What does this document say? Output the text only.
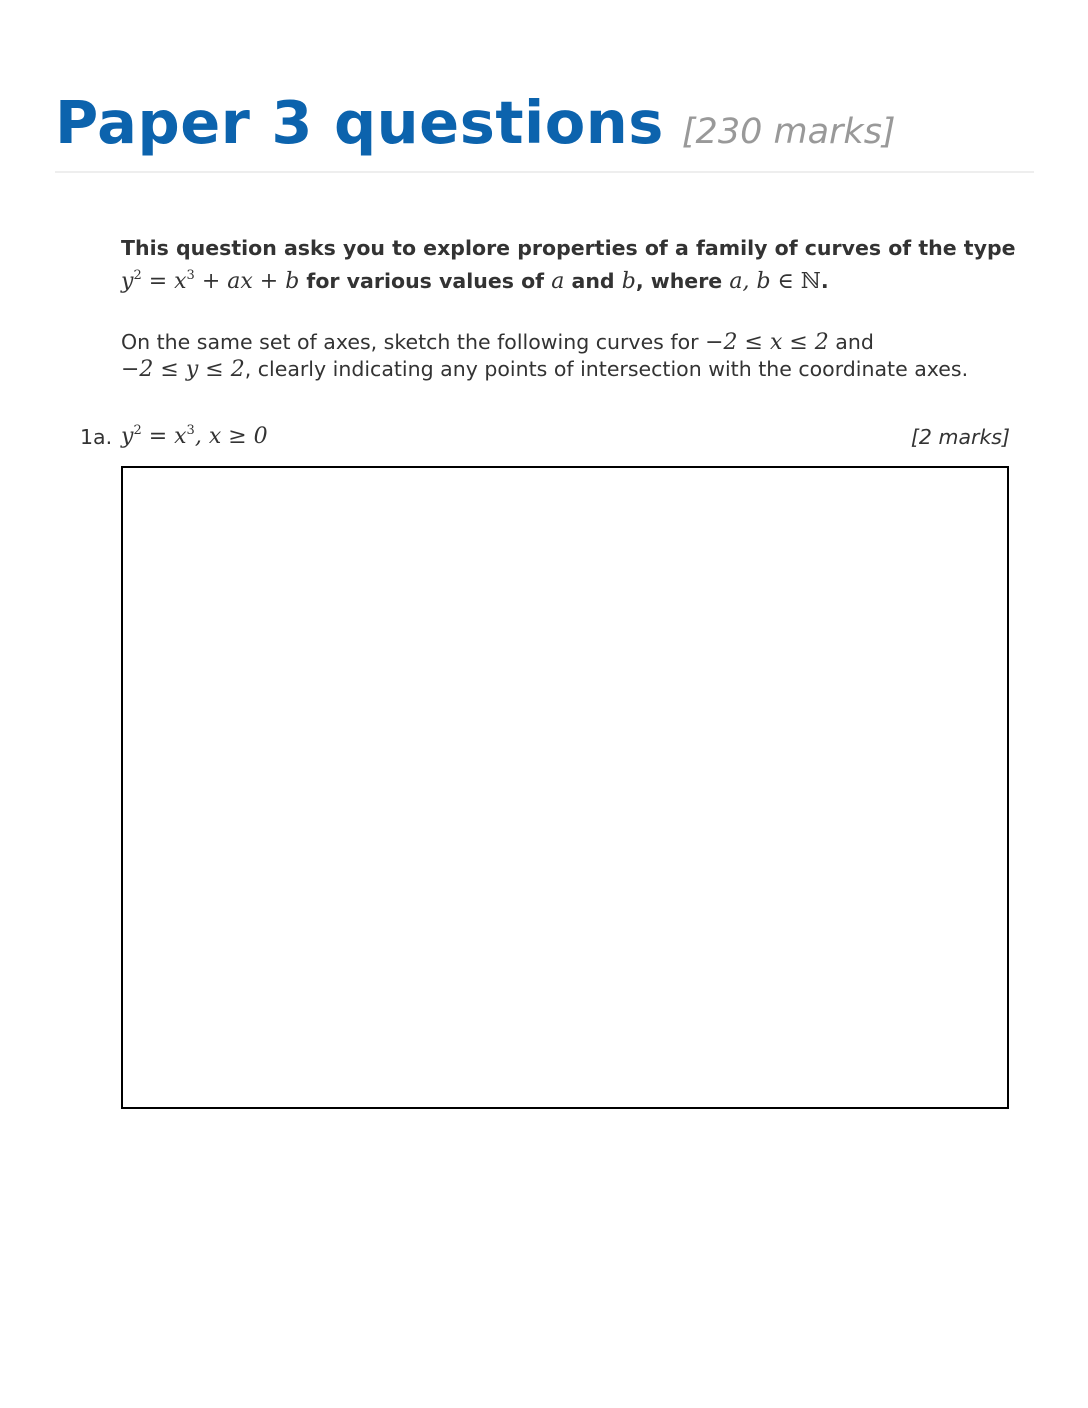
Paper 3 questions [230 marks]
This question asks you to explore properties of a family of curves of the type $y^2 = x^3$ + ax + b for various values of a and b, where a, b ∈ ℕ.
On the same set of axes, sketch the following curves for −2 ≤ x ≤ 2 and
−2 ≤ y ≤ 2, clearly indicating any points of intersection with the coordinate axes.
1a. $y^2 = x^3$, x ≥ 0	[2 marks]
